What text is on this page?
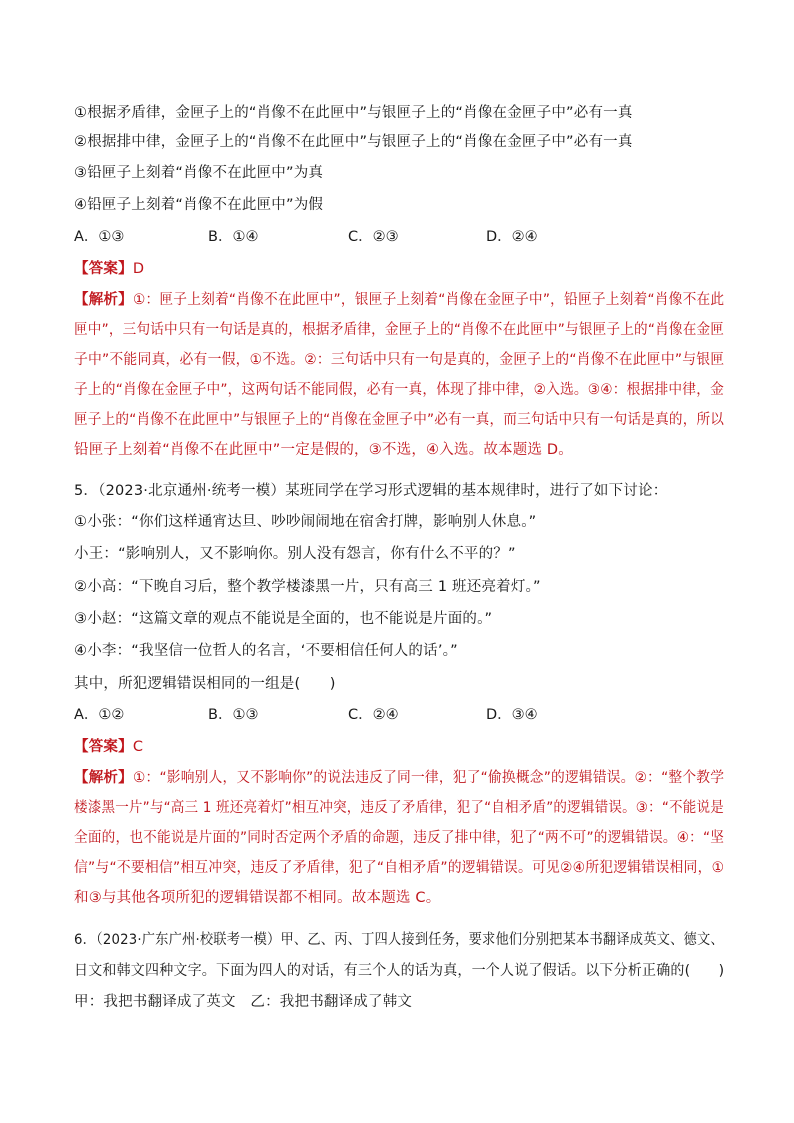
①根据矛盾律，金匣子上的“肖像不在此匣中”与银匣子上的“肖像在金匣子中”必有一真
②根据排中律，金匣子上的“肖像不在此匣中”与银匣子上的“肖像在金匣子中”必有一真
③铅匣子上刻着“肖像不在此匣中”为真
④铅匣子上刻着“肖像不在此匣中”为假
A．①③	B．①④	C．②③	D．②④
【答案】D
【解析】①：匣子上刻着“肖像不在此匣中”，银匣子上刻着“肖像在金匣子中”，铅匣子上刻着“肖像不在此
匣中”，三句话中只有一句话是真的，根据矛盾律，金匣子上的“肖像不在此匣中”与银匣子上的“肖像在金匣
子中”不能同真，必有一假，①不选。②：三句话中只有一句是真的，金匣子上的“肖像不在此匣中”与银匣
子上的“肖像在金匣子中”，这两句话不能同假，必有一真，体现了排中律，②入选。③④：根据排中律，金
匣子上的“肖像不在此匣中”与银匣子上的“肖像在金匣子中”必有一真，而三句话中只有一句话是真的，所以
铅匣子上刻着“肖像不在此匣中”一定是假的，③不选，④入选。故本题选 D。
5．（2023·北京通州·统考一模）某班同学在学习形式逻辑的基本规律时，进行了如下讨论：
①小张：“你们这样通宵达旦、吵吵闹闹地在宿舍打牌，影响别人休息。”
小王：“影响别人，又不影响你。别人没有怨言，你有什么不平的？”
②小高：“下晚自习后，整个教学楼漆黑一片，只有高三 1 班还亮着灯。”
③小赵：“这篇文章的观点不能说是全面的，也不能说是片面的。”
④小李：“我坚信一位哲人的名言，‘不要相信任何人的话’。”
其中，所犯逻辑错误相同的一组是(　　)
A．①②	B．①③	C．②④	D．③④
【答案】C
【解析】①：“影响别人，又不影响你”的说法违反了同一律，犯了“偷换概念”的逻辑错误。②：“整个教学
楼漆黑一片”与“高三 1 班还亮着灯”相互冲突，违反了矛盾律，犯了“自相矛盾”的逻辑错误。③：“不能说是
全面的，也不能说是片面的”同时否定两个矛盾的命题，违反了排中律，犯了“两不可”的逻辑错误。④：“坚
信”与“不要相信”相互冲突，违反了矛盾律，犯了“自相矛盾”的逻辑错误。可见②④所犯逻辑错误相同，①
和③与其他各项所犯的逻辑错误都不相同。故本题选 C。
6．（2023·广东广州·校联考一模）甲、乙、丙、丁四人接到任务，要求他们分别把某本书翻译成英文、德文、
日文和韩文四种文字。下面为四人的对话，有三个人的话为真，一个人说了假话。以下分析正确的(　　)
甲：我把书翻译成了英文　乙：我把书翻译成了韩文
